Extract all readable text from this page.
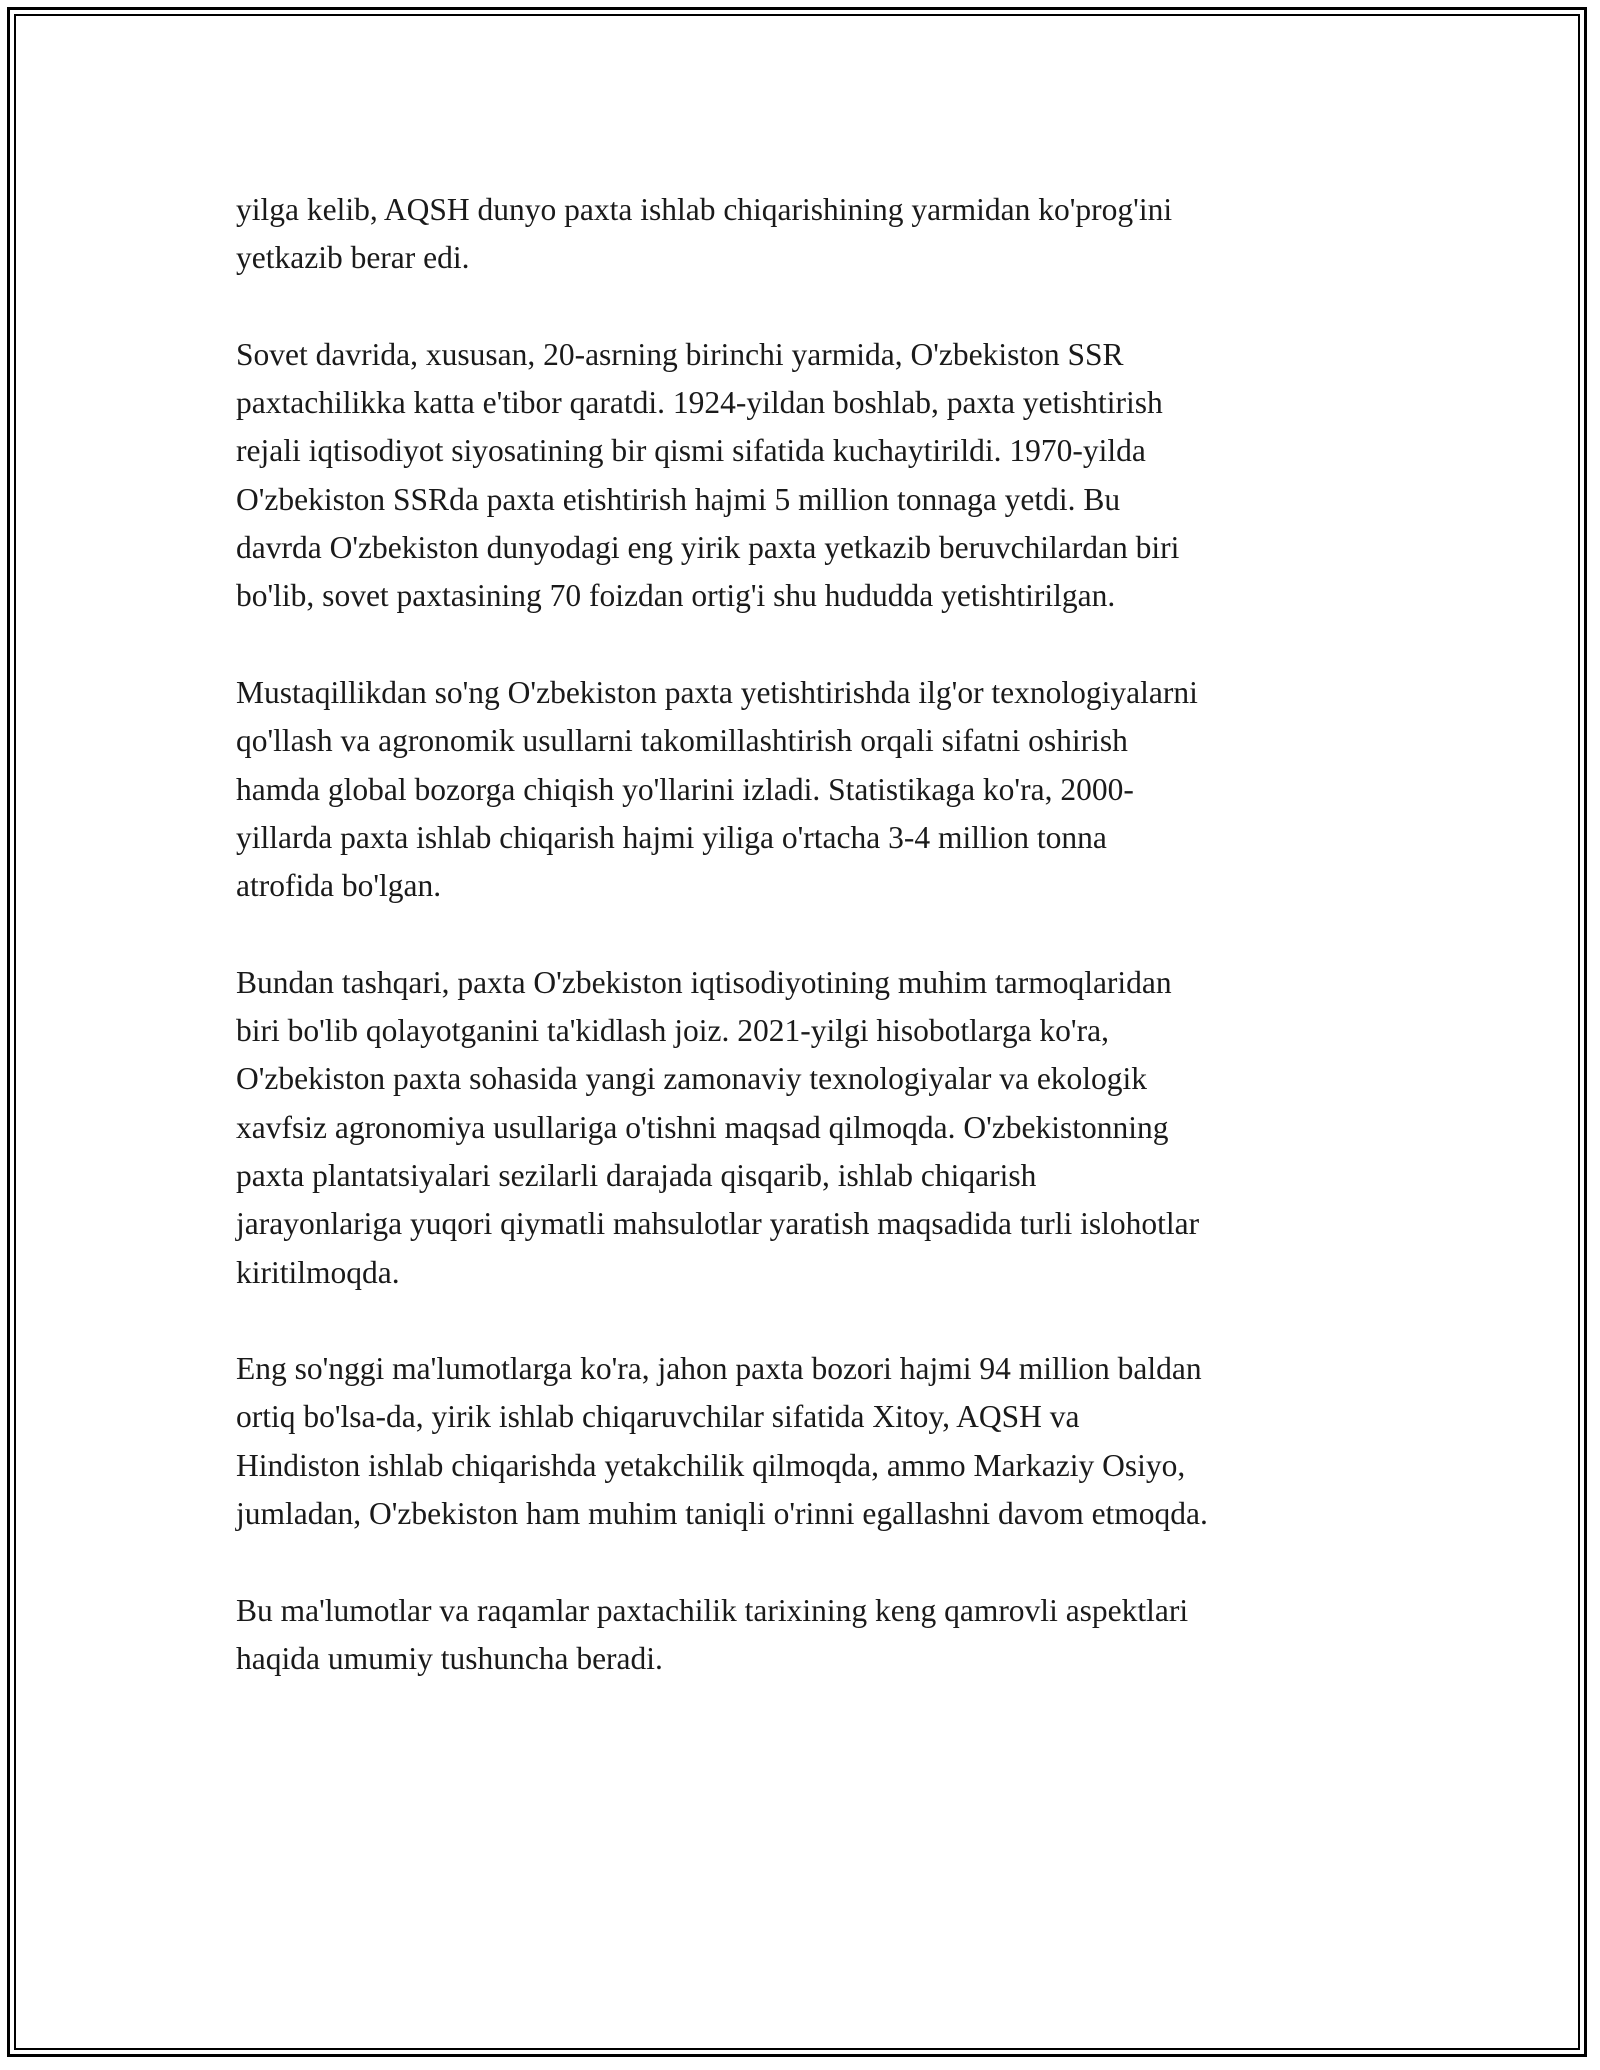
yilga kelib, AQSH dunyo paxta ishlab chiqarishining yarmidan ko'prog'ini
yetkazib berar edi.

Sovet davrida, xususan, 20-asrning birinchi yarmida, O'zbekiston SSR
paxtachilikka katta e'tibor qaratdi. 1924-yildan boshlab, paxta yetishtirish
rejali iqtisodiyot siyosatining bir qismi sifatida kuchaytirildi. 1970-yilda
O'zbekiston SSRda paxta etishtirish hajmi 5 million tonnaga yetdi. Bu
davrda O'zbekiston dunyodagi eng yirik paxta yetkazib beruvchilardan biri
bo'lib, sovet paxtasining 70 foizdan ortig'i shu hududda yetishtirilgan.

Mustaqillikdan so'ng O'zbekiston paxta yetishtirishda ilg'or texnologiyalarni
qo'llash va agronomik usullarni takomillashtirish orqali sifatni oshirish
hamda global bozorga chiqish yo'llarini izladi. Statistikaga ko'ra, 2000-
yillarda paxta ishlab chiqarish hajmi yiliga o'rtacha 3-4 million tonna
atrofida bo'lgan.

Bundan tashqari, paxta O'zbekiston iqtisodiyotining muhim tarmoqlaridan
biri bo'lib qolayotganini ta'kidlash joiz. 2021-yilgi hisobotlarga ko'ra,
O'zbekiston paxta sohasida yangi zamonaviy texnologiyalar va ekologik
xavfsiz agronomiya usullariga o'tishni maqsad qilmoqda. O'zbekistonning
paxta plantatsiyalari sezilarli darajada qisqarib, ishlab chiqarish
jarayonlariga yuqori qiymatli mahsulotlar yaratish maqsadida turli islohotlar
kiritilmoqda.

Eng so'nggi ma'lumotlarga ko'ra, jahon paxta bozori hajmi 94 million baldan
ortiq bo'lsa-da, yirik ishlab chiqaruvchilar sifatida Xitoy, AQSH va
Hindiston ishlab chiqarishda yetakchilik qilmoqda, ammo Markaziy Osiyo,
jumladan, O'zbekiston ham muhim taniqli o'rinni egallashni davom etmoqda.

Bu ma'lumotlar va raqamlar paxtachilik tarixining keng qamrovli aspektlari
haqida umumiy tushuncha beradi.
